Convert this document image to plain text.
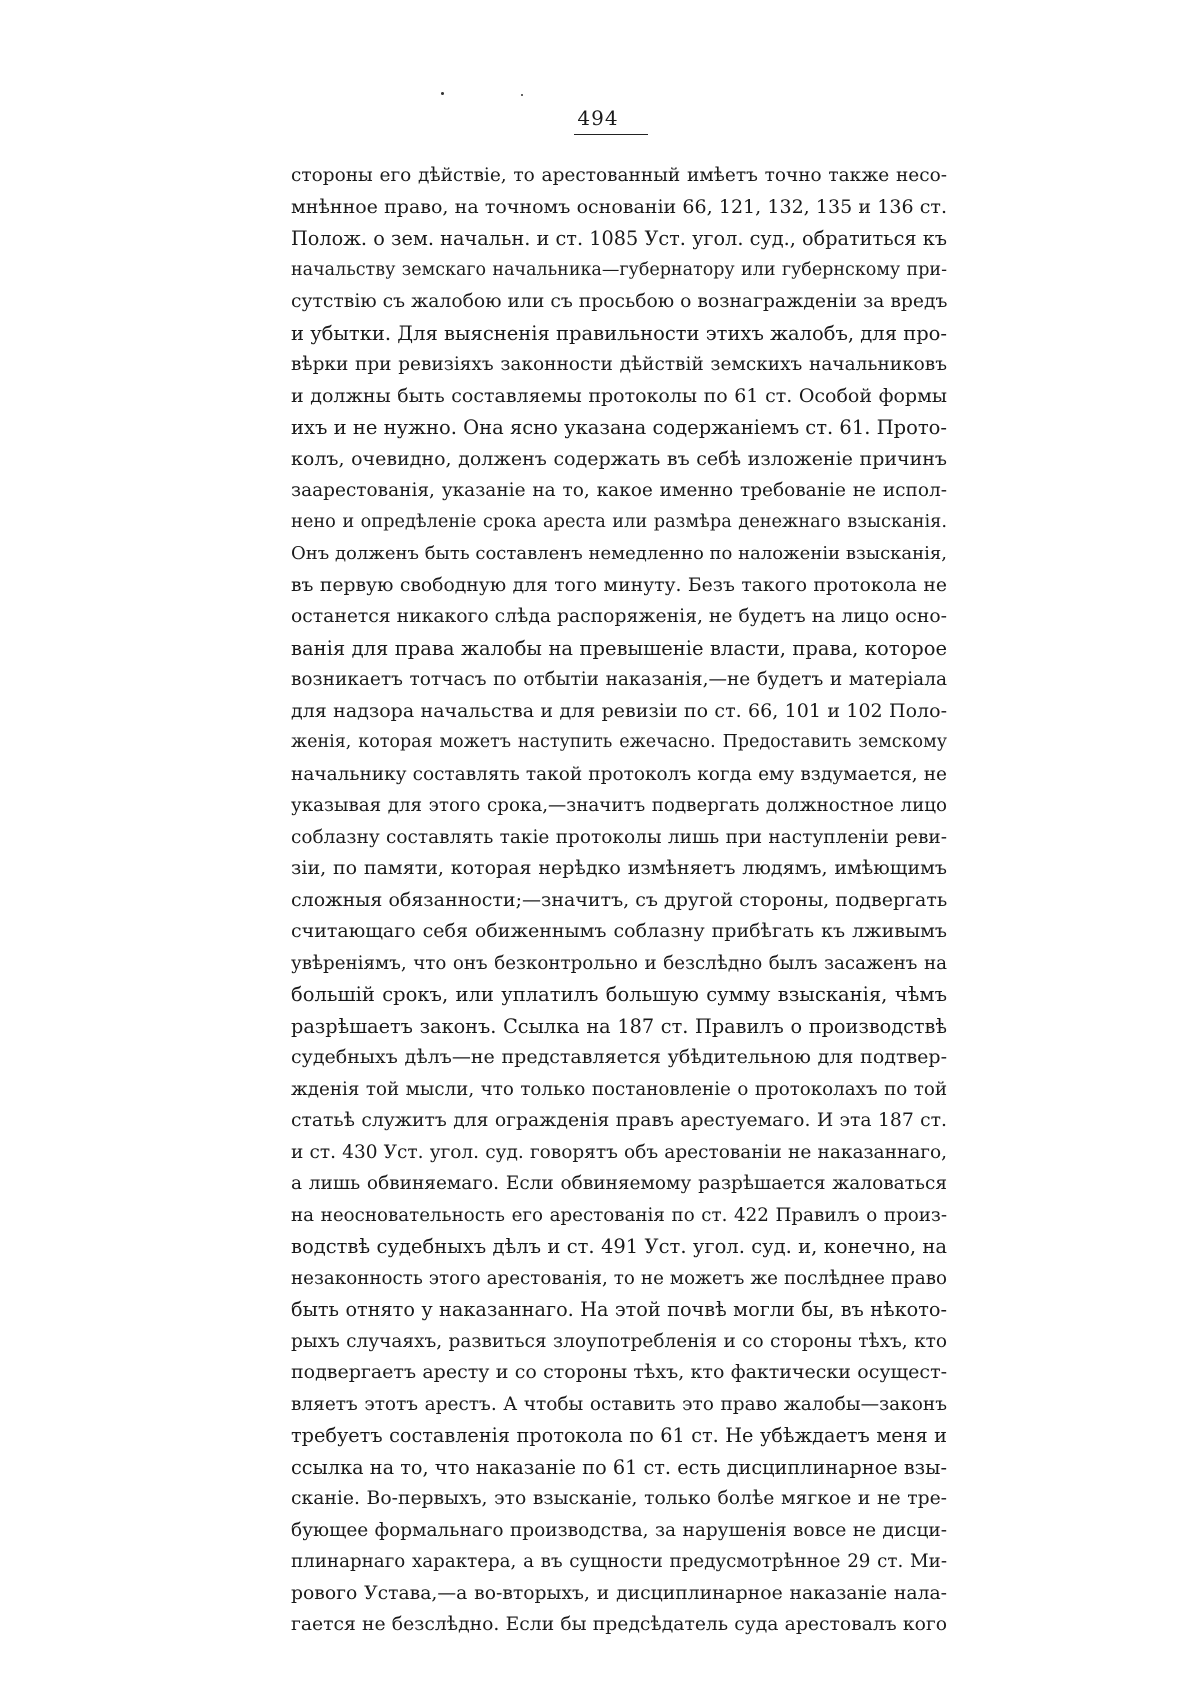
494
стороны его дѣйствіе, то арестованный имѣетъ точно также несо-
мнѣнное право, на точномъ основаніи 66, 121, 132, 135 и 136 ст.
Полож. о зем. начальн. и ст. 1085 Уст. угол. суд., обратиться къ
начальству земскаго начальника—губернатору или губернскому при-
сутствію съ жалобою или съ просьбою о вознагражденіи за вредъ
и убытки. Для выясненія правильности этихъ жалобъ, для про-
вѣрки при ревизіяхъ законности дѣйствій земскихъ начальниковъ
и должны быть составляемы протоколы по 61 ст. Особой формы
ихъ и не нужно. Она ясно указана содержаніемъ ст. 61. Прото-
колъ, очевидно, долженъ содержать въ себѣ изложеніе причинъ
заарестованія, указаніе на то, какое именно требованіе не испол-
нено и опредѣленіе срока ареста или размѣра денежнаго взысканія.
Онъ долженъ быть составленъ немедленно по наложеніи взысканія,
въ первую свободную для того минуту. Безъ такого протокола не
останется никакого слѣда распоряженія, не будетъ на лицо осно-
ванія для права жалобы на превышеніе власти, права, которое
возникаетъ тотчасъ по отбытіи наказанія,—не будетъ и матеріала
для надзора начальства и для ревизіи по ст. 66, 101 и 102 Поло-
женія, которая можетъ наступить ежечасно. Предоставить земскому
начальнику составлять такой протоколъ когда ему вздумается, не
указывая для этого срока,—значитъ подвергать должностное лицо
соблазну составлять такіе протоколы лишь при наступленіи реви-
зіи, по памяти, которая нерѣдко измѣняетъ людямъ, имѣющимъ
сложныя обязанности;—значитъ, съ другой стороны, подвергать
считающаго себя обиженнымъ соблазну прибѣгать къ лживымъ
увѣреніямъ, что онъ безконтрольно и безслѣдно былъ засаженъ на
большій срокъ, или уплатилъ большую сумму взысканія, чѣмъ
разрѣшаетъ законъ. Ссылка на 187 ст. Правилъ о производствѣ
судебныхъ дѣлъ—не представляется убѣдительною для подтвер-
жденія той мысли, что только постановленіе о протоколахъ по той
статьѣ служитъ для огражденія правъ арестуемаго. И эта 187 ст.
и ст. 430 Уст. угол. суд. говорятъ объ арестованіи не наказаннаго,
а лишь обвиняемаго. Если обвиняемому разрѣшается жаловаться
на неосновательность его арестованія по ст. 422 Правилъ о произ-
водствѣ судебныхъ дѣлъ и ст. 491 Уст. угол. суд. и, конечно, на
незаконность этого арестованія, то не можетъ же послѣднее право
быть отнято у наказаннаго. На этой почвѣ могли бы, въ нѣкото-
рыхъ случаяхъ, развиться злоупотребленія и со стороны тѣхъ, кто
подвергаетъ аресту и со стороны тѣхъ, кто фактически осущест-
вляетъ этотъ арестъ. А чтобы оставить это право жалобы—законъ
требуетъ составленія протокола по 61 ст. Не убѣждаетъ меня и
ссылка на то, что наказаніе по 61 ст. есть дисциплинарное взы-
сканіе. Во-первыхъ, это взысканіе, только болѣе мягкое и не тре-
бующее формальнаго производства, за нарушенія вовсе не дисци-
плинарнаго характера, а въ сущности предусмотрѣнное 29 ст. Ми-
рового Устава,—а во-вторыхъ, и дисциплинарное наказаніе нала-
гается не безслѣдно. Если бы предсѣдатель суда арестовалъ кого
